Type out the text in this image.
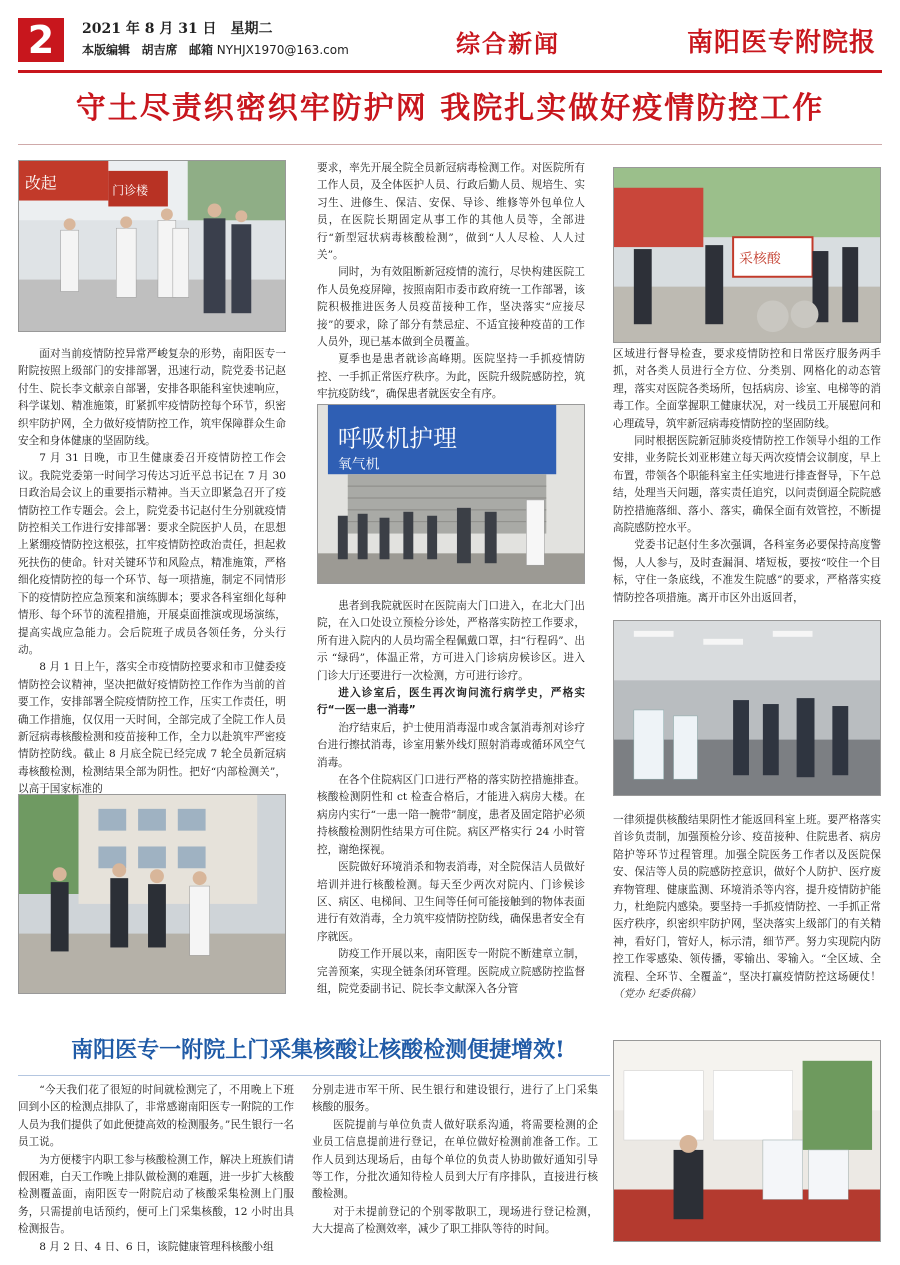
2	2021 年 8 月 31 日　星期二
本版编辑 胡吉席 邮箱 NYHJX1970@163.com	综合新闻	南阳医专附院报
守土尽责织密织牢防护网 我院扎实做好疫情防控工作
改起	门诊楼
呼吸机护理
氧气机
采核酸

面对当前疫情防控异常严峻复杂的形势，南阳医专一附院按照上级部门的安排部署，迅速行动，院党委书记赵付生、院长李文献亲自部署，安排各职能科室快速响应，科学谋划、精准施策，盯紧抓牢疫情防控每个环节，织密织牢防护网，全力做好疫情防控工作，筑牢保障群众生命安全和身体健康的坚固防线。

7 月 31 日晚，市卫生健康委召开疫情防控工作会议。我院党委第一时间学习传达习近平总书记在 7 月 30 日政治局会议上的重要指示精神。当天立即紧急召开了疫情防控工作专题会。会上，院党委书记赵付生分别就疫情防控相关工作进行安排部署：要求全院医护人员，在思想上紧绷疫情防控这根弦，扛牢疫情防控政治责任，担起救死扶伤的使命。针对关键环节和风险点，精准施策，严格细化疫情防控的每一个环节、每一项措施，制定不同情形下的疫情防控应急预案和演练脚本；要求各科室细化每种情形、每个环节的流程措施，开展桌面推演或现场演练，提高实战应急能力。会后院班子成员各领任务，分头行动。

8 月 1 日上午，落实全市疫情防控要求和市卫健委疫情防控会议精神，坚决把做好疫情防控工作作为当前的首要工作，安排部署全院疫情防控工作，压实工作责任，明确工作措施，仅仅用一天时间，全部完成了全院工作人员新冠病毒核酸检测和疫苗接种工作，全力以赴筑牢严密疫情防控防线。截止 8 月底全院已经完成 7 轮全员新冠病毒核酸检测，检测结果全部为阴性。把好“内部检测关”，以高于国家标准的

要求，率先开展全院全员新冠病毒检测工作。对医院所有工作人员，及全体医护人员、行政后勤人员、规培生、实习生、进修生、保洁、安保、导诊、维修等外包单位人员，在医院长期固定从事工作的其他人员等，全部进行“新型冠状病毒核酸检测”，做到“人人尽检、人人过关”。

同时，为有效阻断新冠疫情的流行，尽快构建医院工作人员免疫屏障，按照南阳市委市政府统一工作部署，该院积极推进医务人员疫苗接种工作，坚决落实“应接尽接”的要求，除了部分有禁忌症、不适宜接种疫苗的工作人员外，现已基本做到全员覆盖。

夏季也是患者就诊高峰期。医院坚持一手抓疫情防控、一手抓正常医疗秩序。为此，医院升级院感防控，筑牢抗疫防线”，确保患者就医安全有序。

患者到我院就医时在医院南大门口进入，在北大门出院，在入口处设立预检分诊处，严格落实防控工作要求，所有进入院内的人员均需全程佩戴口罩，扫“行程码”、出示 “绿码”，体温正常，方可进入门诊病房候诊区。进入门诊大厅还要进行一次检测，方可进行诊疗。

进入诊室后，医生再次询问流行病学史，严格实行“一医一患一消毒”

治疗结束后，护士使用消毒湿巾或含氯消毒剂对诊疗台进行擦拭消毒，诊室用紫外线灯照射消毒或循环风空气消毒。

在各个住院病区门口进行严格的落实防控措施排查。核酸检测阴性和 ct 检查合格后，才能进入病房大楼。在病房内实行“一患一陪一腕带”制度，患者及固定陪护必须持核酸检测阴性结果方可住院。病区严格实行 24 小时管控，谢绝探视。

医院做好环境消杀和物表消毒，对全院保洁人员做好培训并进行核酸检测。每天至少两次对院内、门诊候诊区、病区、电梯间、卫生间等任何可能接触到的物体表面进行有效消毒，全力筑牢疫情防控防线，确保患者安全有序就医。

防疫工作开展以来，南阳医专一附院不断建章立制，完善预案，实现全链条闭环管理。医院成立院感防控监督组，院党委副书记、院长李文献深入各分管

区域进行督导检查，要求疫情防控和日常医疗服务两手抓，对各类人员进行全方位、分类别、网格化的动态管理，落实对医院各类场所，包括病房、诊室、电梯等的消毒工作。全面掌握职工健康状况，对一线员工开展慰问和心理疏导，筑牢新冠病毒疫情防控的坚固防线。

同时根据医院新冠肺炎疫情防控工作领导小组的工作安排，业务院长刘亚彬建立每天两次疫情会议制度，早上布置，带领各个职能科室主任实地进行排查督导，下午总结，处理当天问题，落实责任追究，以问责倒逼全院院感防控措施落细、落小、落实，确保全面有效管控，不断提高院感防控水平。

党委书记赵付生多次强调，各科室务必要保持高度警惕，人人参与，及时查漏洞、堵短板，要按“咬住一个目标，守住一条底线，不准发生院感”的要求，严格落实疫情防控各项措施。离开市区外出返回者，

一律须提供核酸结果阴性才能返回科室上班。要严格落实首诊负责制，加强预检分诊、疫苗接种、住院患者、病房陪护等环节过程管理。加强全院医务工作者以及医院保安、保洁等人员的院感防控意识，做好个人防护、医疗废弃物管理、健康监测、环境消杀等内容，提升疫情防护能力，杜绝院内感染。要坚持一手抓疫情防控、一手抓正常医疗秩序，织密织牢防护网，坚决落实上级部门的有关精神，看好门，管好人，标示清，细节严。努力实现院内防控工作零感染、领传播，零输出、零输入。“全区域、全流程、全环节、全覆盖”，坚决打赢疫情防控这场硬仗！（党办 纪委供稿）

南阳医专一附院上门采集核酸让核酸检测便捷增效!

“今天我们花了很短的时间就检测完了，不用晚上下班回到小区的检测点排队了，非常感谢南阳医专一附院的工作人员为我们提供了如此便捷高效的检测服务。”民生银行一名员工说。

为方便楼宇内职工参与核酸检测工作，解决上班族们请假困难，白天工作晚上排队做检测的难题，进一步扩大核酸检测覆盖面，南阳医专一附院启动了核酸采集检测上门服务，只需提前电话预约，便可上门采集核酸，12 小时出具检测报告。

8 月 2 日、4 日、6 日，该院健康管理科核酸小组

分别走进市军干所、民生银行和建设银行，进行了上门采集核酸的服务。

医院提前与单位负责人做好联系沟通，将需要检测的企业员工信息提前进行登记，在单位做好检测前准备工作。工作人员到达现场后，由每个单位的负责人协助做好通知引导等工作，分批次通知待检人员到大厅有序排队，直接进行核酸检测。

对于未提前登记的个别零散职工，现场进行登记检测，大大提高了检测效率，减少了职工排队等待的时间。
